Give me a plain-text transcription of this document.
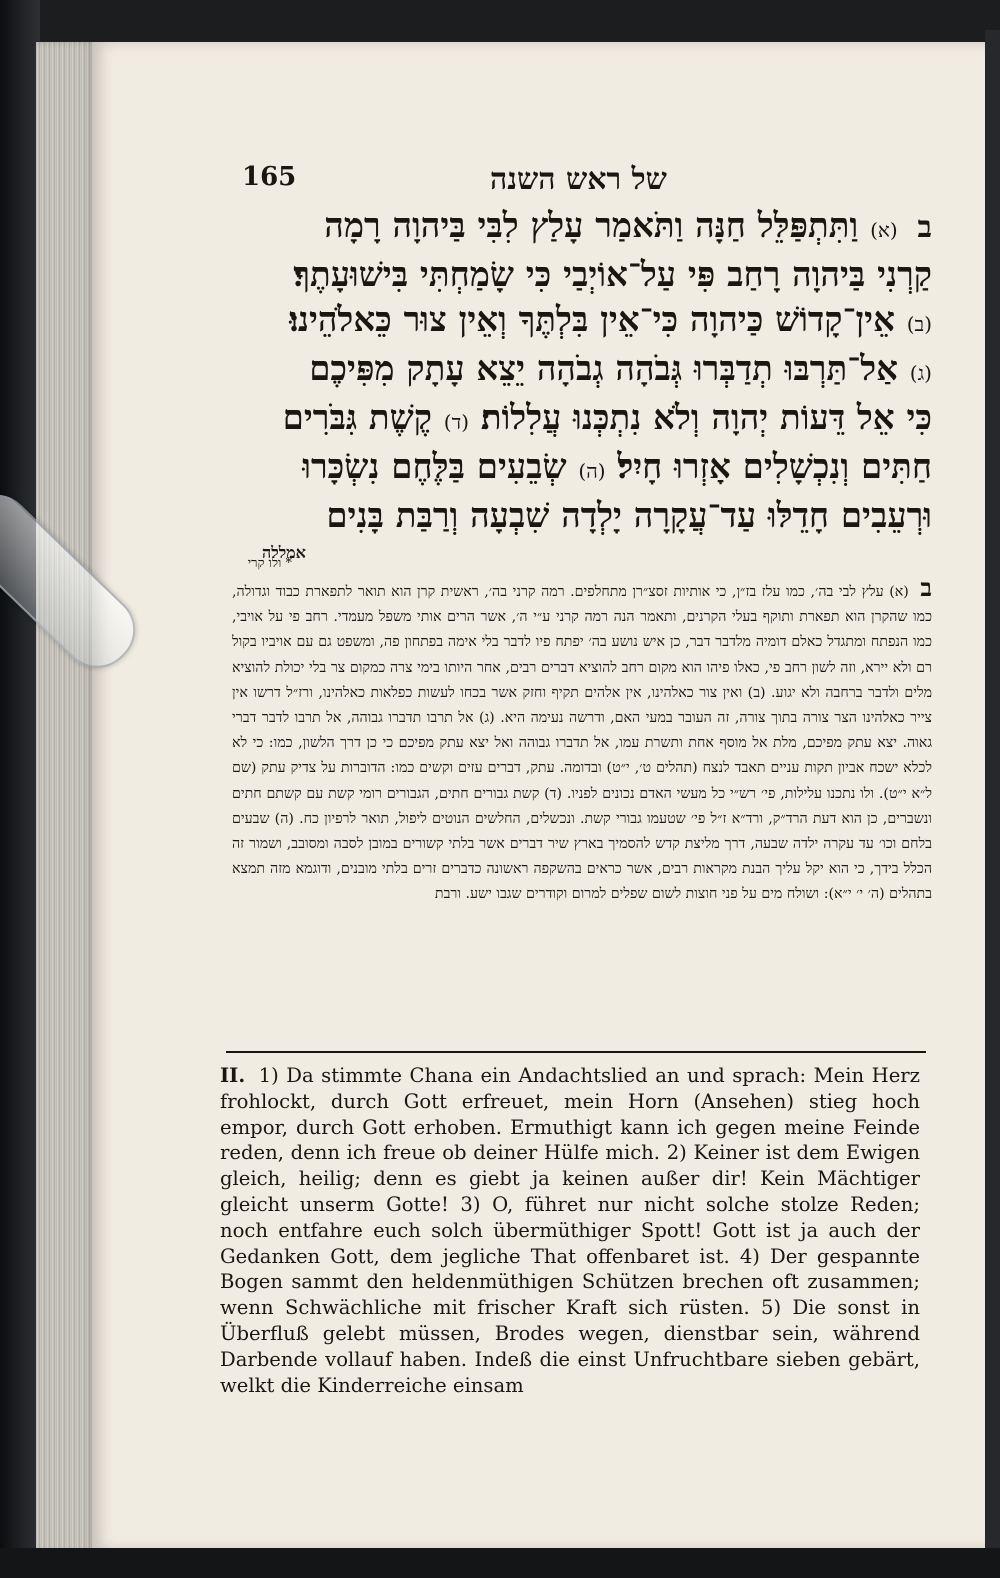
165	של ראש השנה
ב (א) וַתִּתְפַּלֵּל חַנָּה וַתֹּאמַר עָלַץ לִבִּי בַּיהוָה רָמָה
קַרְנִי בַּיהוָה רָחַב פִּי עַל־אוֹיְבַי כִּי שָׂמַחְתִּי בִּישׁוּעָתֶךָ׃
(ב) אֵין־קָדוֹשׁ כַּיהוָה כִּי־אֵין בִּלְתֶּךָ וְאֵין צוּר כֵּאלֹהֵינוּ׃
(ג) אַל־תַּרְבּוּ תְדַבְּרוּ גְּבֹהָה גְבֹהָה יֵצֵא עָתָק מִפִּיכֶם
כִּי אֵל דֵּעוֹת יְהוָה וְלֹא נִתְכְּנוּ עֲלִלוֹת׃ (ד) קֶשֶׁת גִּבֹּרִים
חַתִּים וְנִכְשָׁלִים אָזְרוּ חָיִל׃ (ה) שְׂבֵעִים בַּלֶּחֶם נִשְׂכָּרוּ
וּרְעֵבִים חָדֵלּוּ עַד־עֲקָרָה יָלְדָה שִׁבְעָה וְרַבַּת בָּנִים
אמללה
* ולו קרי
ב (א) עלץ לבי בה׳, כמו עלז בז״ן, כי אותיות זסצ״רן מתחלפים. רמה קרני בה׳, ראשית קרן הוא תואר לתפארת כבוד וגדולה, כמו שהקרן הוא תפארת ותוקף בעלי הקרנים, ותאמר הנה רמה קרני ע״י ה׳, אשר הרים אותי משפל מעמדי. רחב פי על אויבי, כמו הנפתח ומתגדל כאלם דומיה מלדבר דבר, כן איש נושע בה׳ יפתח פיו לדבר בלי אימה בפתחון פה, ומשפט גם עם אויביו בקול רם ולא יירא, וזה לשון רחב פי, כאלו פיהו הוא מקום רחב להוציא דברים רבים, אחר היותו בימי צרה כמקום צר בלי יכולת להוציא מלים ולדבר ברחבה ולא יגוע. (ב) ואין צור כאלהינו, אין אלהים תקיף וחזק אשר בכחו לעשות כפלאות כאלהינו, ורז״ל דרשו אין צייר כאלהינו הצר צורה בתוך צורה, זה העובר במעי האם, ודרשה נעימה היא. (ג) אל תרבו תדברו גבוהה, אל תרבו לדבר דברי גאוה. יצא עתק מפיכם, מלת אל מוסף אחת ותשרת עמו, אל תדברו גבוהה ואל יצא עתק מפיכם כי כן דרך הלשון, כמו: כי לא לכלא ישכח אביון תקות עניים תאבד לנצח (תהלים ט׳, י״ט) ובדומה. עתק, דברים עזים וקשים כמו: הדוברות על צדיק עתק (שם ל״א י״ט). ולו נתכנו עלילות, פי׳ רש״י כל מעשי האדם נכונים לפניו. (ד) קשת גבורים חתים, הגבורים רומי קשת עם קשתם חתים ונשברים, כן הוא דעת הרד״ק, ורד״א ז״ל פי׳ שטעמו גבורי קשת. ונכשלים, החלשים הנוטים ליפול, תואר לרפיון כח. (ה) שבעים בלחם וכו׳ עד עקרה ילדה שבעה, דרך מליצת קדש להסמיך בארץ שיר דברים אשר בלתי קשורים במובן לסבה ומסובב, ושמור זה הכלל בידך, כי הוא יקל עליך הבנת מקראות רבים, אשר כראים בהשקפה ראשונה כדברים זרים בלתי מובנים, ודוגמא מזה תמצא בתהלים (ה׳ י׳ י״א): ושולח מים על פני חוצות לשום שפלים למרום וקודרים שגבו ישע. ורבת
II. 1) Da stimmte Chana ein Andachtslied an und sprach: Mein Herz frohlockt, durch Gott erfreuet, mein Horn (Ansehen) stieg hoch empor, durch Gott erhoben. Ermuthigt kann ich gegen meine Feinde reden, denn ich freue ob deiner Hülfe mich. 2) Keiner ist dem Ewigen gleich, heilig; denn es giebt ja keinen außer dir! Kein Mächtiger gleicht unserm Gotte! 3) O, führet nur nicht solche stolze Reden; noch entfahre euch solch übermüthiger Spott! Gott ist ja auch der Gedanken Gott, dem jegliche That offenbaret ist. 4) Der gespannte Bogen sammt den heldenmüthigen Schützen brechen oft zusammen; wenn Schwächliche mit frischer Kraft sich rüsten. 5) Die sonst in Überfluß gelebt müssen, Brodes wegen, dienstbar sein, während Darbende vollauf haben. Indeß die einst Unfruchtbare sieben gebärt, welkt die Kinderreiche einsam
